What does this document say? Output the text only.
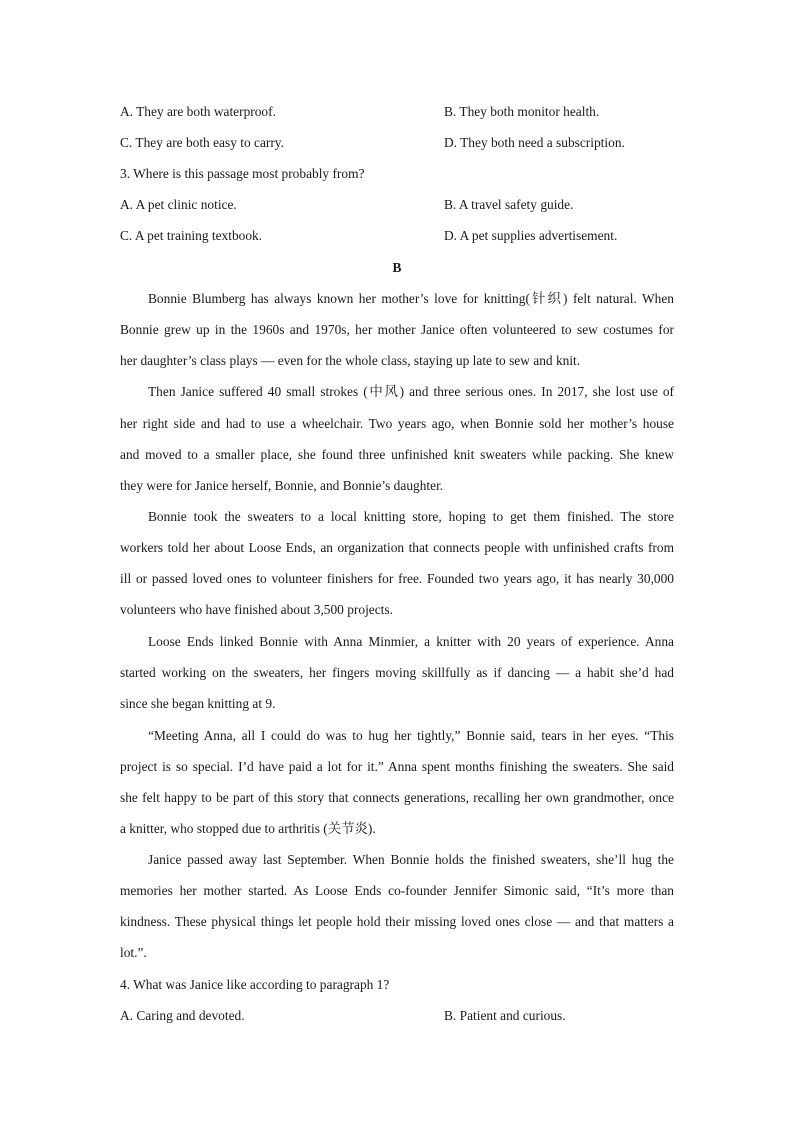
A. They are both waterproof.	B. They both monitor health.
C. They are both easy to carry.	D. They both need a subscription.
3. Where is this passage most probably from?
A. A pet clinic notice.	B. A travel safety guide.
C. A pet training textbook.	D. A pet supplies advertisement.
B
Bonnie Blumberg has always known her mother’s love for knitting(针织) felt natural. When
Bonnie grew up in the 1960s and 1970s, her mother Janice often volunteered to sew costumes for
her daughter’s class plays — even for the whole class, staying up late to sew and knit.
Then Janice suffered 40 small strokes (中风) and three serious ones. In 2017, she lost use of
her right side and had to use a wheelchair. Two years ago, when Bonnie sold her mother’s house
and moved to a smaller place, she found three unfinished knit sweaters while packing. She knew
they were for Janice herself, Bonnie, and Bonnie’s daughter.
Bonnie took the sweaters to a local knitting store, hoping to get them finished. The store
workers told her about Loose Ends, an organization that connects people with unfinished crafts from
ill or passed loved ones to volunteer finishers for free. Founded two years ago, it has nearly 30,000
volunteers who have finished about 3,500 projects.
Loose Ends linked Bonnie with Anna Minmier, a knitter with 20 years of experience. Anna
started working on the sweaters, her fingers moving skillfully as if dancing — a habit she’d had
since she began knitting at 9.
“Meeting Anna, all I could do was to hug her tightly,” Bonnie said, tears in her eyes. “This
project is so special. I’d have paid a lot for it.” Anna spent months finishing the sweaters. She said
she felt happy to be part of this story that connects generations, recalling her own grandmother, once
a knitter, who stopped due to arthritis (关节炎).
Janice passed away last September. When Bonnie holds the finished sweaters, she’ll hug the
memories her mother started. As Loose Ends co-founder Jennifer Simonic said, “It’s more than
kindness. These physical things let people hold their missing loved ones close — and that matters a
lot.”.
4. What was Janice like according to paragraph 1?
A. Caring and devoted.	B. Patient and curious.
